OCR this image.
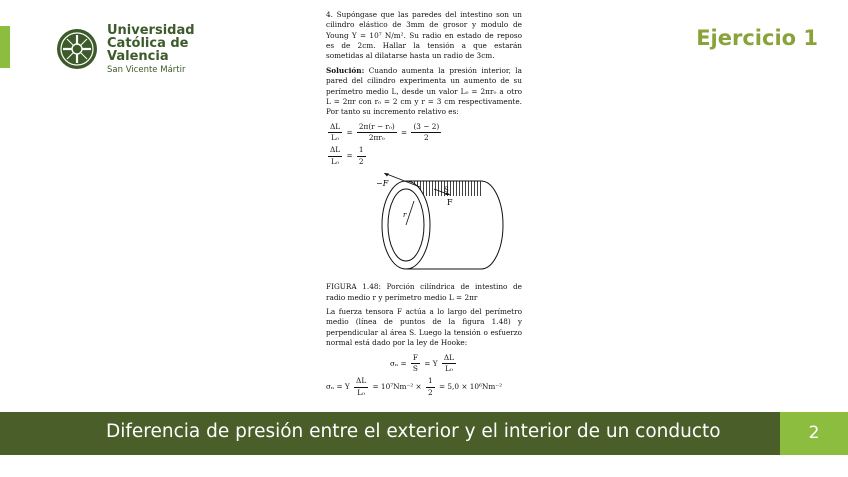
Universidad
Católica de
Valencia
San Vicente Mártir
Ejercicio 1

4. Supóngase que las paredes del intestino son un cilindro elástico de 3mm de grosor y modulo de Young Y = 10⁷ N/m². Su radio en estado de reposo es de 2cm. Hallar la tensión a que estarán sometidas al dilatarse hasta un radio de 3cm.

Solución: Cuando aumenta la presión interior, la pared del cilindro experimenta un aumento de su perímetro medio L, desde un valor L₀ = 2πr₀ a otro L = 2πr con r₀ = 2 cm y r = 3 cm respectivamente. Por tanto su incremento relativo es:

$\frac{\Delta L}{\text{L₀}} = \frac{\text{2π(r − r₀)}}{\text{2πr₀}} = \frac{(3 - 2)}{2}$
$\frac{\Delta L}{\text{L₀}} = \frac{1}{2}$
−F
F
S
r

FIGURA 1.48: Porción cilíndrica de intestino de radio medio r y perímetro medio L = 2πr

La fuerza tensora F actúa a lo largo del perímetro medio (línea de puntos de la figura 1.48) y perpendicular al área S. Luego la tensión o esfuerzo normal está dado por la ley de Hooke:

$\sigma_n = \frac{F}{S} = Y \frac{\Delta L}{\text{L₀}}$
σₙ = Y $\frac{\Delta L}{\text{L₀}} = 10^7Nm^{-2} \times \frac{1}{2} = 5,0 \times 10^6Nm^{-2}$
Diferencia de presión entre el exterior y el interior de un conducto	2
